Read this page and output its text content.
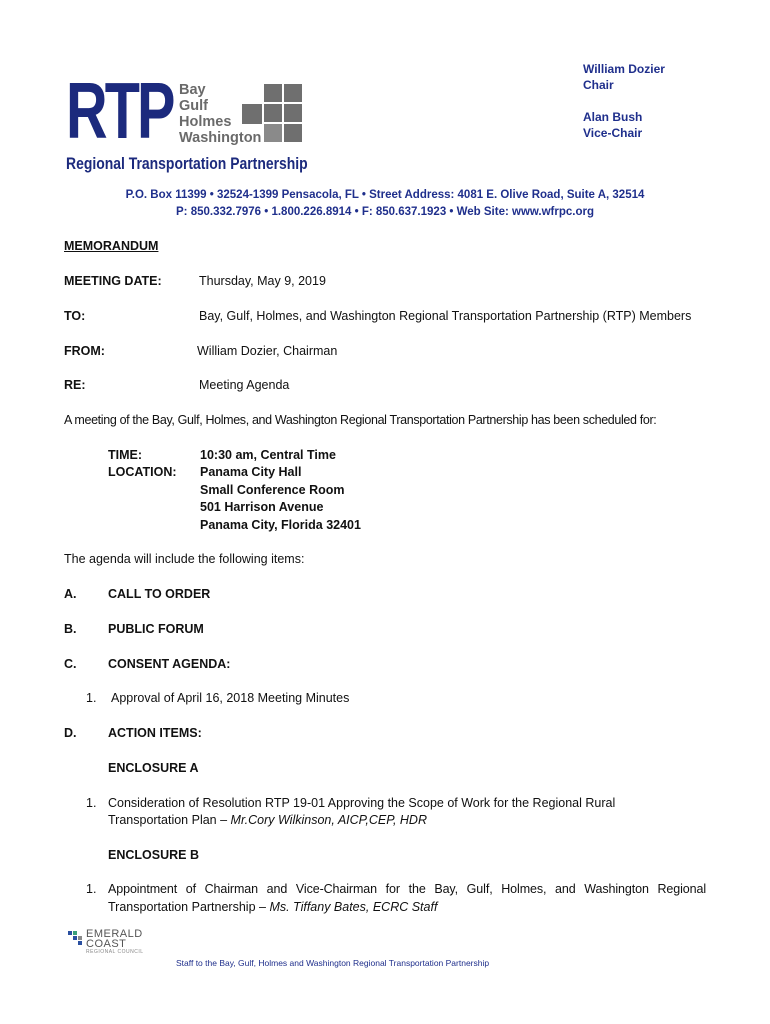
William Dozier
Chair
Alan Bush
Vice-Chair
RTP Bay
Gulf
Holmes
Washington
Regional Transportation Partnership
P.O. Box 11399 • 32524-1399 Pensacola, FL • Street Address: 4081 E. Olive Road, Suite A, 32514
P: 850.332.7976 • 1.800.226.8914 • F: 850.637.1923 • Web Site: www.wfrpc.org
MEMORANDUM
MEETING DATE:	Thursday, May 9, 2019
TO:	Bay, Gulf, Holmes, and Washington Regional Transportation Partnership (RTP) Members
FROM:	William Dozier, Chairman
RE:	Meeting Agenda
A meeting of the Bay, Gulf, Holmes, and Washington Regional Transportation Partnership has been scheduled for:
TIME:	10:30 am, Central Time
LOCATION: Panama City Hall
Small Conference Room
501 Harrison Avenue
Panama City, Florida 32401
The agenda will include the following items:
A.	CALL TO ORDER
B.	PUBLIC FORUM
C.	CONSENT AGENDA:
1. Approval of April 16, 2018 Meeting Minutes
D.	ACTION ITEMS:
ENCLOSURE A
1. Consideration of Resolution RTP 19-01 Approving the Scope of Work for the Regional Rural
Transportation Plan – Mr.Cory Wilkinson, AICP,CEP, HDR
ENCLOSURE B
1. Appointment of Chairman and Vice-Chairman for the Bay, Gulf, Holmes, and Washington Regional
Transportation Partnership – Ms. Tiffany Bates, ECRC Staff
EMERALD
COAST
REGIONAL COUNCIL
Staff to the Bay, Gulf, Holmes and Washington Regional Transportation Partnership
